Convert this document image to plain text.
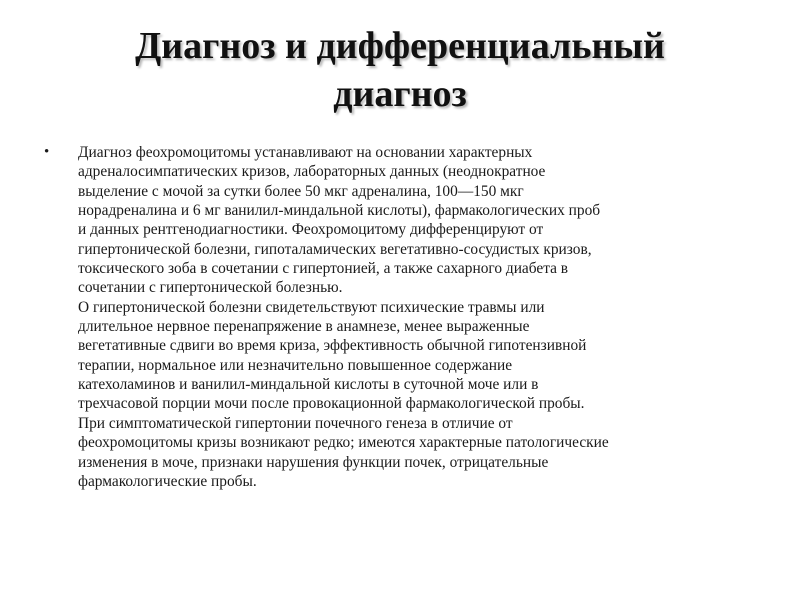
Диагноз и дифференциальный
диагноз
•	Диагноз феохромоцитомы устанавливают на основании характерных
адреналосимпатических кризов, лабораторных данных (неоднократное
выделение с мочой за сутки более 50 мкг адреналина, 100—150 мкг
норадреналина и 6 мг ванилил-миндальной кислоты), фармакологических проб
и данных рентгенодиагностики. Феохромоцитому дифференцируют от
гипертонической болезни, гипоталамических вегетативно-сосудистых кризов,
токсического зоба в сочетании с гипертонией, а также сахарного диабета в
сочетании с гипертонической болезнью.
О гипертонической болезни свидетельствуют психические травмы или
длительное нервное перенапряжение в анамнезе, менее выраженные
вегетативные сдвиги во время криза, эффективность обычной гипотензивной
терапии, нормальное или незначительно повышенное содержание
катехоламинов и ванилил-миндальной кислоты в суточной моче или в
трехчасовой порции мочи после провокационной фармакологической пробы.
При симптоматической гипертонии почечного генеза в отличие от
феохромоцитомы кризы возникают редко; имеются характерные патологические
изменения в моче, признаки нарушения функции почек, отрицательные
фармакологические пробы.
